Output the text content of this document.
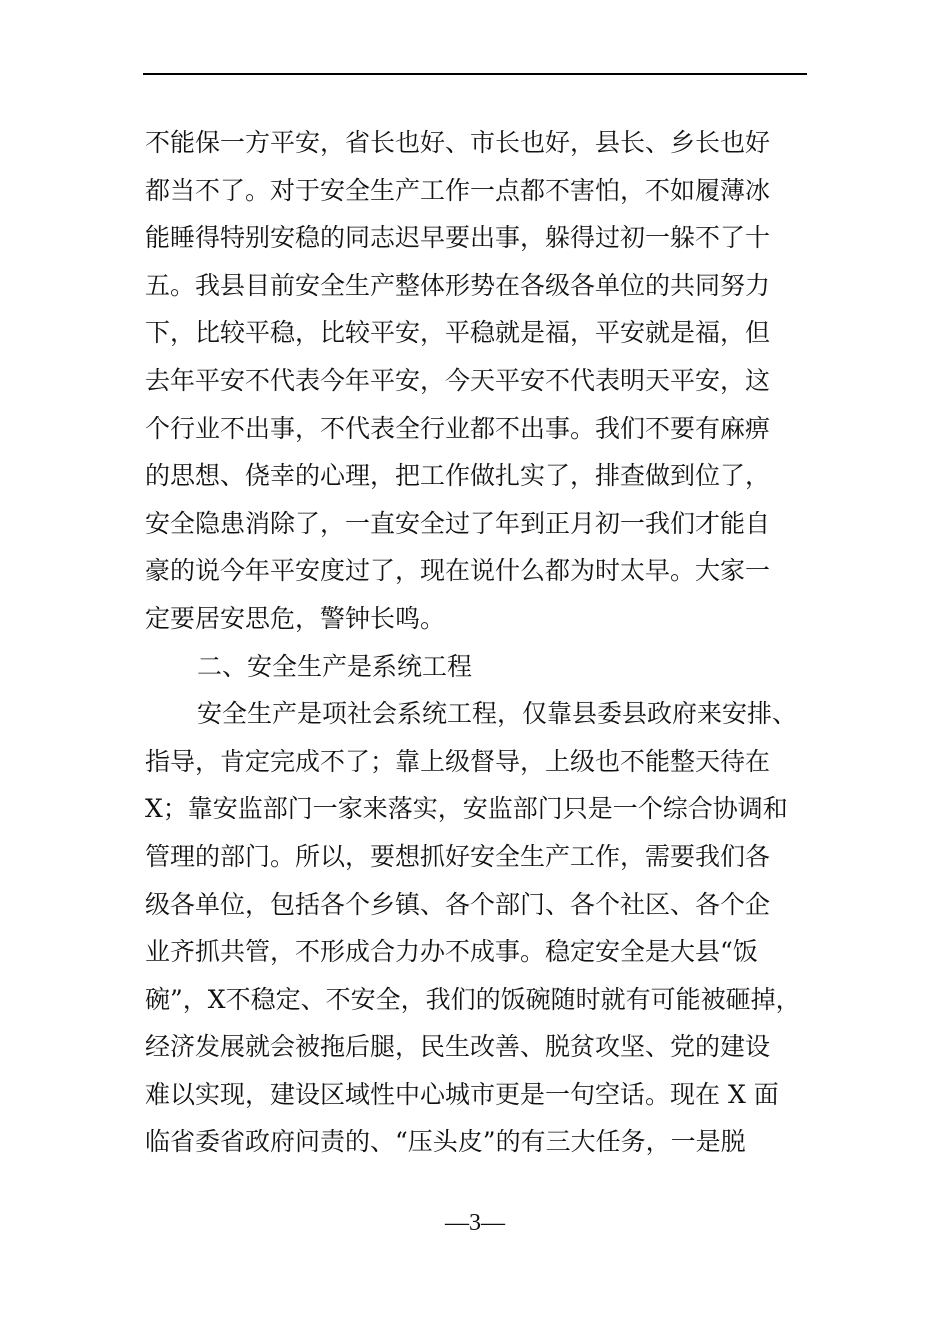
不能保一方平安，省长也好、市长也好，县长、乡长也好
都当不了。对于安全生产工作一点都不害怕，不如履薄冰
能睡得特别安稳的同志迟早要出事，躲得过初一躲不了十
五。我县目前安全生产整体形势在各级各单位的共同努力
下，比较平稳，比较平安，平稳就是福，平安就是福，但
去年平安不代表今年平安，今天平安不代表明天平安，这
个行业不出事，不代表全行业都不出事。我们不要有麻痹
的思想、侥幸的心理，把工作做扎实了，排查做到位了，
安全隐患消除了，一直安全过了年到正月初一我们才能自
豪的说今年平安度过了，现在说什么都为时太早。大家一
定要居安思危，警钟长鸣。
二、安全生产是系统工程
安全生产是项社会系统工程，仅靠县委县政府来安排、
指导，肯定完成不了；靠上级督导，上级也不能整天待在
X；靠安监部门一家来落实，安监部门只是一个综合协调和
管理的部门。所以，要想抓好安全生产工作，需要我们各
级各单位，包括各个乡镇、各个部门、各个社区、各个企
业齐抓共管，不形成合力办不成事。稳定安全是大县“饭
碗”，X不稳定、不安全，我们的饭碗随时就有可能被砸掉，
经济发展就会被拖后腿，民生改善、脱贫攻坚、党的建设
难以实现，建设区域性中心城市更是一句空话。现在 X 面
临省委省政府问责的、“压头皮”的有三大任务，一是脱
—3—
